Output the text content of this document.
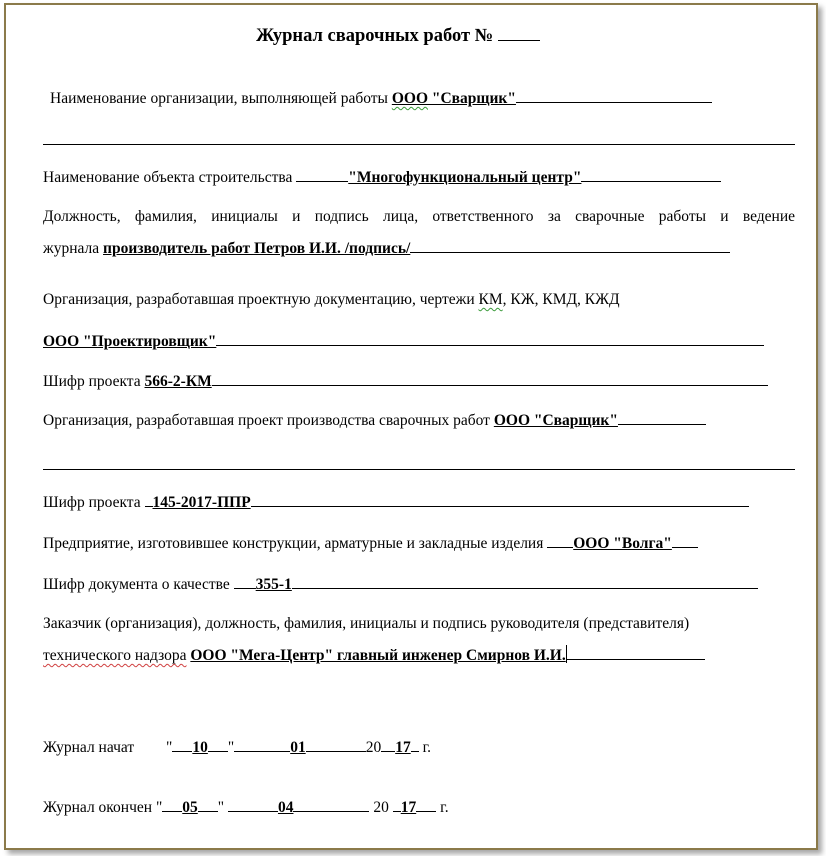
Журнал сварочных работ №
Наименование организации, выполняющей работы ООО "Сварщик"
Наименование объекта строительства	"Многофункциональный центр"
Должность, фамилия, инициалы и подпись лица, ответственного за сварочные работы и ведение
журнала производитель работ Петров И.И. /подпись/
Организация, разработавшая проектную документацию, чертежи КМ, КЖ, КМД, КЖД
ООО "Проектировщик"
Шифр проекта 566-2-КМ
Организация, разработавшая проект производства сварочных работ ООО "Сварщик"
Шифр проекта 145-2017-ППР
Предприятие, изготовившее конструкции, арматурные и закладные изделия ООО "Волга"
Шифр документа о качестве 355-1
Заказчик (организация), должность, фамилия, инициалы и подпись руководителя (представителя)
технического надзора ООО "Мега-Центр" главный инженер Смирнов И.И.
Журнал начат " 10 "	01	20 17 г.
Журнал окончен " 05 "	04	20 17 г.
